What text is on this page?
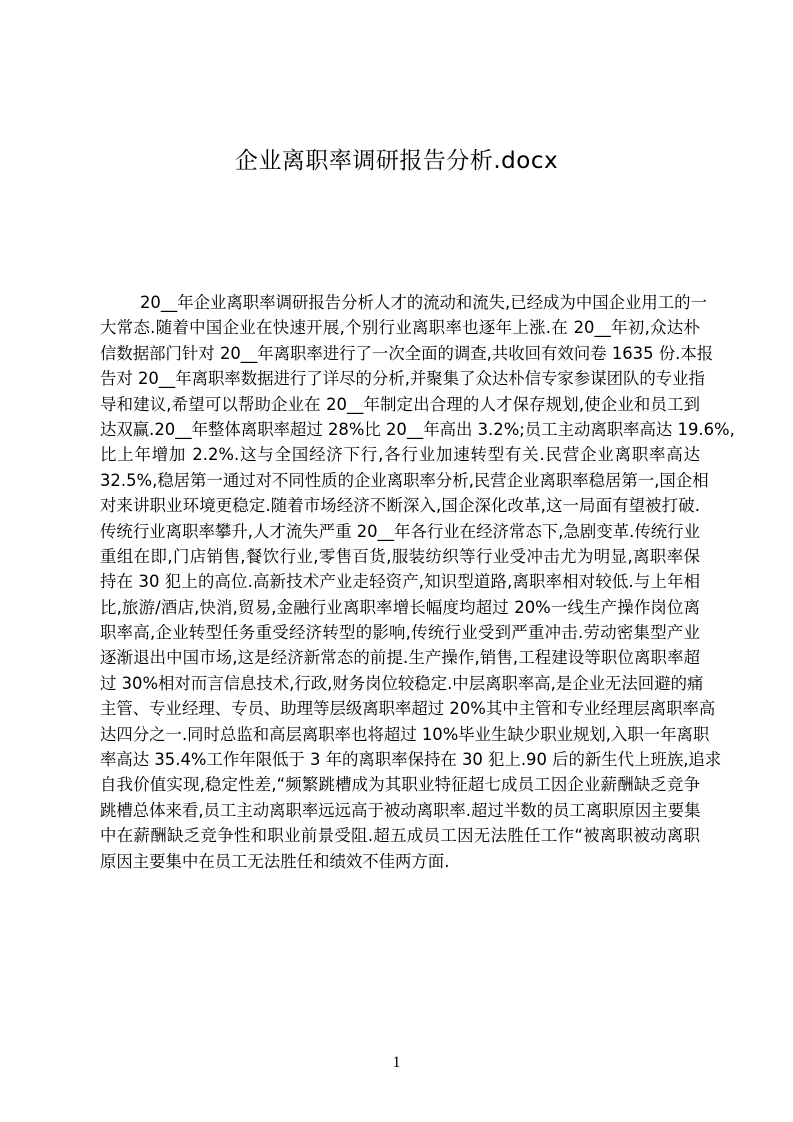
企业离职率调研报告分析.docx
20__年企业离职率调研报告分析人才的流动和流失,已经成为中国企业用工的一
大常态.随着中国企业在快速开展,个别行业离职率也逐年上涨.在 20__年初,众达朴
信数据部门针对 20__年离职率进行了一次全面的调查,共收回有效问卷 1635 份.本报
告对 20__年离职率数据进行了详尽的分析,并聚集了众达朴信专家参谋团队的专业指
导和建议,希望可以帮助企业在 20__年制定出合理的人才保存规划,使企业和员工到
达双赢.20__年整体离职率超过 28%比 20__年高出 3.2%;员工主动离职率高达 19.6%,
比上年增加 2.2%.这与全国经济下行,各行业加速转型有关.民营企业离职率高达
32.5%,稳居第一通过对不同性质的企业离职率分析,民营企业离职率稳居第一,国企相
对来讲职业环境更稳定.随着市场经济不断深入,国企深化改革,这一局面有望被打破.
传统行业离职率攀升,人才流失严重 20__年各行业在经济常态下,急剧变革.传统行业
重组在即,门店销售,餐饮行业,零售百货,服装纺织等行业受冲击尤为明显,离职率保
持在 30 犯上的高位.高新技术产业走轻资产,知识型道路,离职率相对较低.与上年相
比,旅游/酒店,快消,贸易,金融行业离职率增长幅度均超过 20%一线生产操作岗位离
职率高,企业转型任务重受经济转型的影响,传统行业受到严重冲击.劳动密集型产业
逐渐退出中国市场,这是经济新常态的前提.生产操作,销售,工程建设等职位离职率超
过 30%相对而言信息技术,行政,财务岗位较稳定.中层离职率高,是企业无法回避的痛
主管、专业经理、专员、助理等层级离职率超过 20%其中主管和专业经理层离职率高
达四分之一.同时总监和高层离职率也将超过 10%毕业生缺少职业规划,入职一年离职
率高达 35.4%工作年限低于 3 年的离职率保持在 30 犯上.90 后的新生代上班族,追求
自我价值实现,稳定性差,“频繁跳槽成为其职业特征超七成员工因企业薪酬缺乏竞争
跳槽总体来看,员工主动离职率远远高于被动离职率.超过半数的员工离职原因主要集
中在薪酬缺乏竞争性和职业前景受阻.超五成员工因无法胜任工作“被离职被动离职
原因主要集中在员工无法胜任和绩效不佳两方面.
1
